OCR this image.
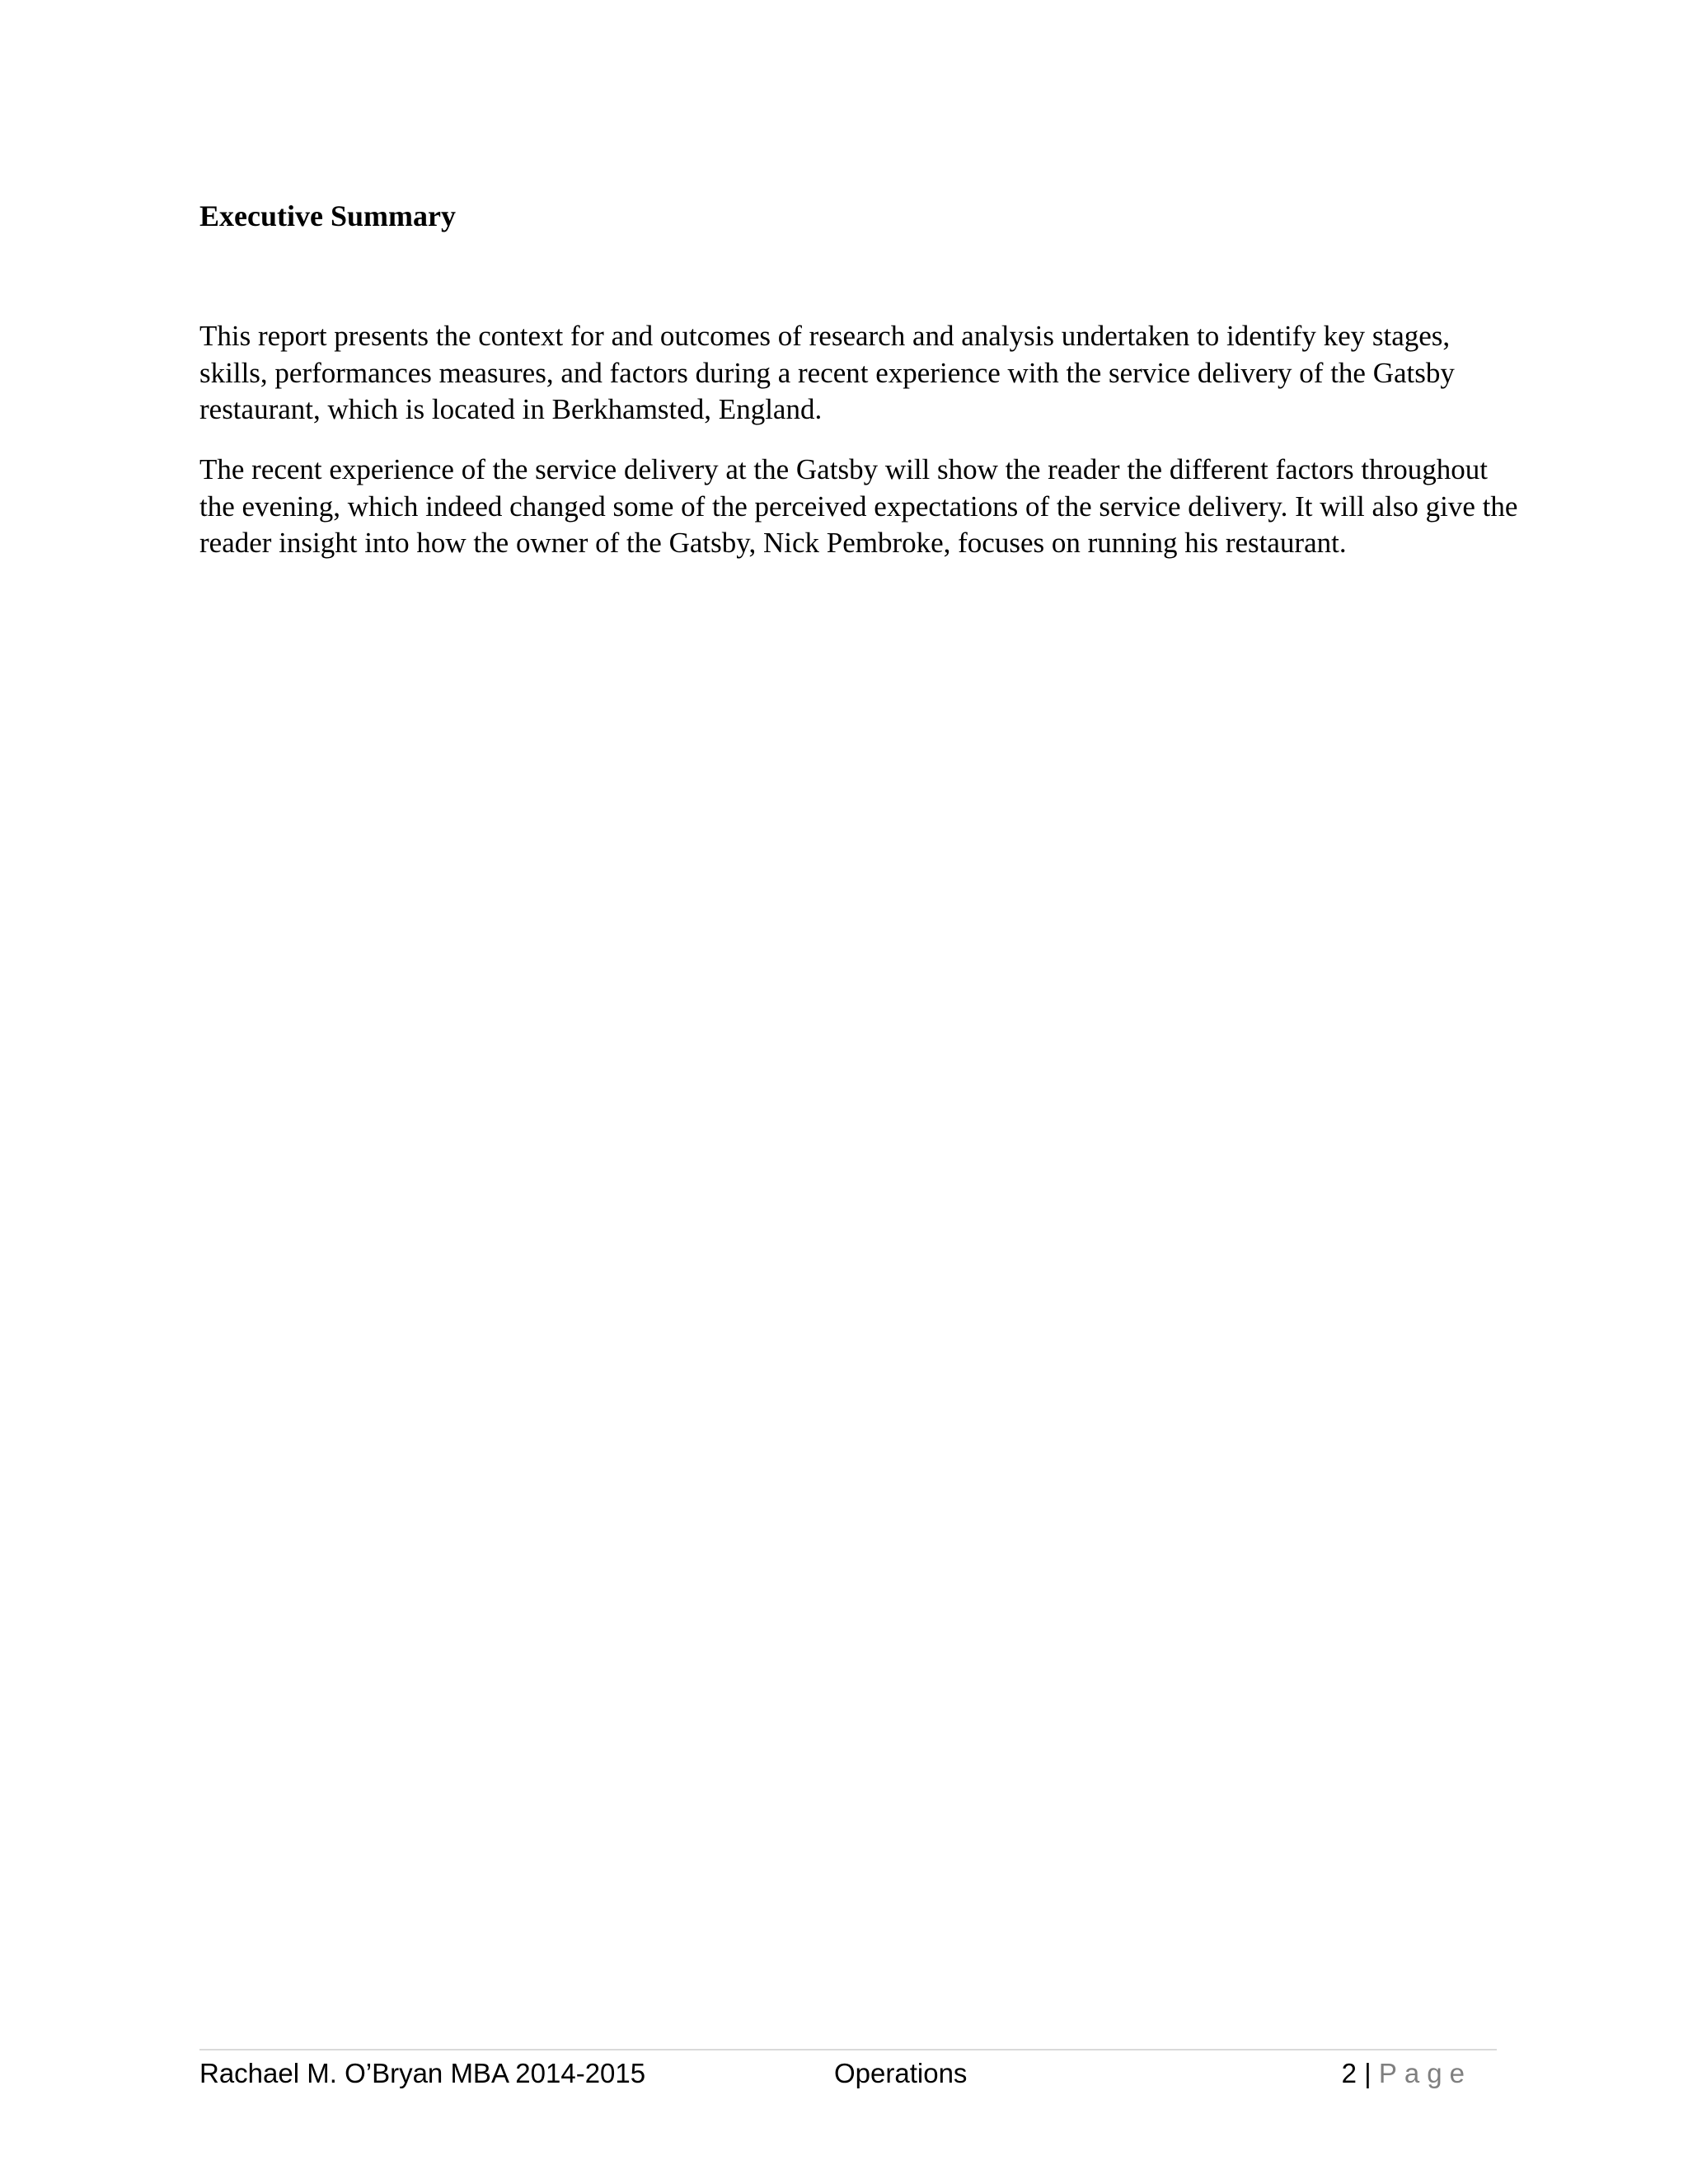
Executive Summary

This report presents the context for and outcomes of research and analysis undertaken to identify key stages, skills, performances measures, and factors during a recent experience with the service delivery of the Gatsby restaurant, which is located in Berkhamsted, England.

The recent experience of the service delivery at the Gatsby will show the reader the different factors throughout the evening, which indeed changed some of the perceived expectations of the service delivery. It will also give the reader insight into how the owner of the Gatsby, Nick Pembroke, focuses on running his restaurant.

Rachael M. O’Bryan MBA 2014-2015	Operations	2 | Page
